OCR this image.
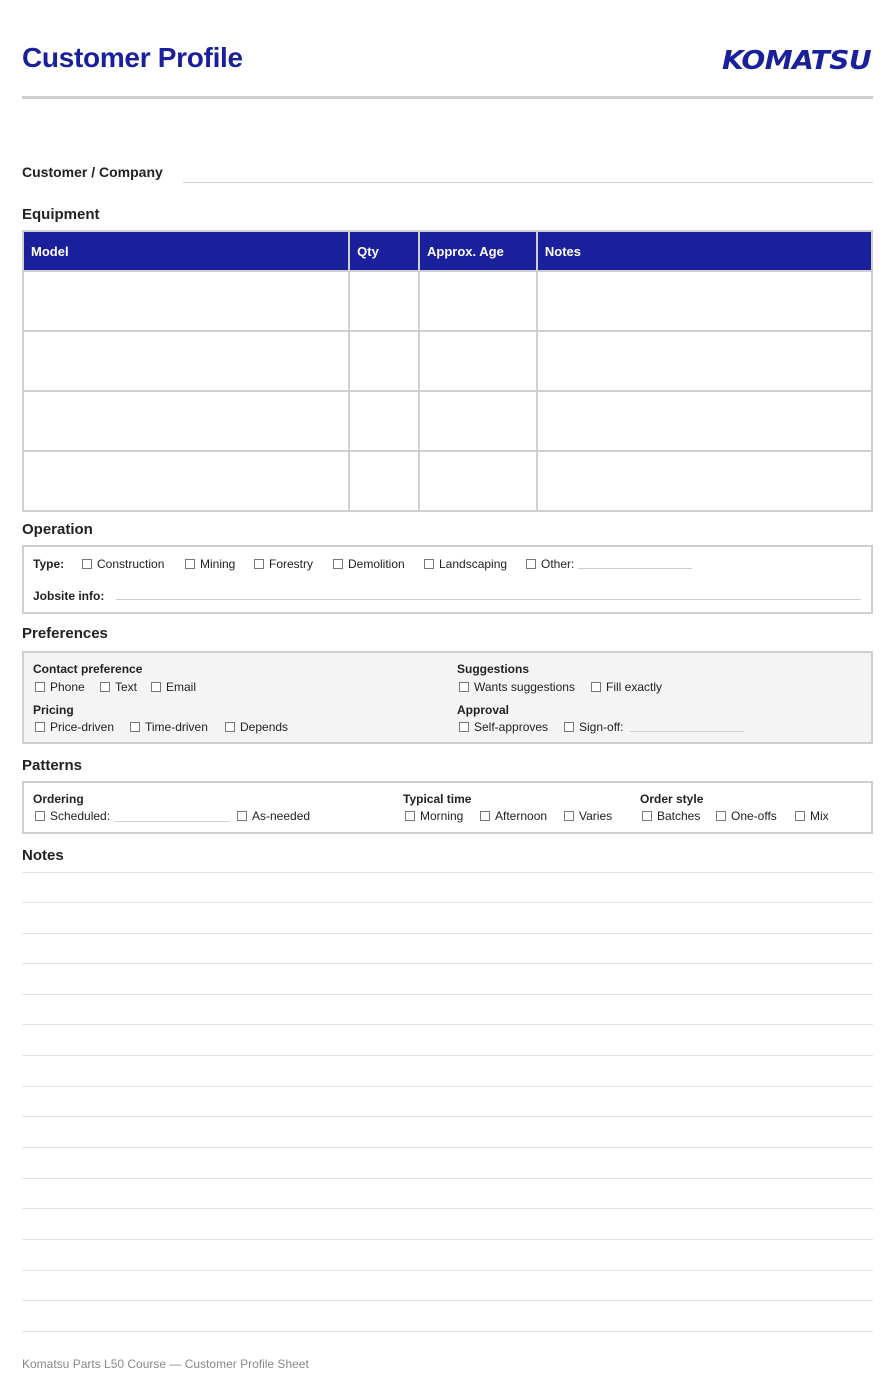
Customer Profile	KOMATSU
Customer / Company
Equipment
Model	Qty	Approx. Age	Notes

Operation
Type:	Construction	Mining	Forestry	Demolition	Landscaping	Other:
Jobsite info:
Preferences
Contact preference
Phone	Text	Email
Suggestions
Wants suggestions	Fill exactly
Pricing
Price-driven	Time-driven	Depends
Approval
Self-approves	Sign-off:
Patterns
Ordering
Scheduled:	As-needed
Typical time
Morning	Afternoon	Varies
Order style
Batches	One-offs	Mix
Notes
Komatsu Parts L50 Course — Customer Profile Sheet
